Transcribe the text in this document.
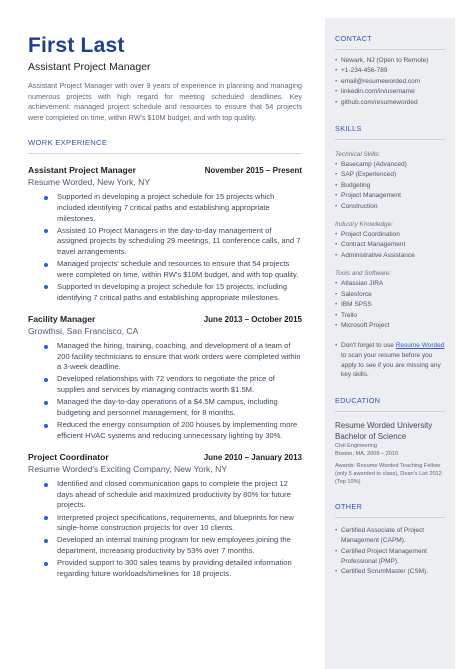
First Last
Assistant Project Manager
Assistant Project Manager with over 9 years of experience in planning and managing numerous projects with high regard for meeting scheduled deadlines. Key achievement: managed project schedule and resources to ensure that 54 projects were completed on time, within RW's $10M budget, and with top quality.
WORK EXPERIENCE
Assistant Project Manager	November 2015 – Present
Resume Worded, New York, NY
Supported in developing a project schedule for 15 projects which included identifying 7 critical paths and establishing appropriate milestones.
Assisted 10 Project Managers in the day-to-day management of assigned projects by scheduling 29 meetings, 11 conference calls, and 7 travel arrangements.
Managed projects' schedule and resources to ensure that 54 projects were completed on time, within RW's $10M budget, and with top quality.
Supported in developing a project schedule for 15 projects, including identifying 7 critical paths and establishing appropriate milestones.
Facility Manager	June 2013 – October 2015
Growthsi, San Francisco, CA
Managed the hiring, training, coaching, and development of a team of 200 facility technicians to ensure that work orders were completed within a 3-week deadline.
Developed relationships with 72 vendors to negotiate the price of supplies and services by managing contracts worth $1.5M.
Managed the day-to-day operations of a $4.5M campus, including budgeting and personnel management, for 8 months.
Reduced the energy consumption of 200 houses by implementing more efficient HVAC systems and reducing unnecessary lighting by 30%.
Project Coordinator	June 2010 – January 2013
Resume Worded's Exciting Company, New York, NY
Identified and closed communication gaps to complete the project 12 days ahead of schedule and maximized productivity by 80% for future projects.
Interpreted project specifications, requirements, and blueprints for new single-home construction projects for over 10 clients.
Developed an internal training program for new employees joining the department, increasing productivity by 53% over 7 months.
Provided support to 300 sales teams by providing detailed information regarding future workloads/timelines for 18 projects.
CONTACT
• Newark, NJ (Open to Remote)
• +1-234-456-789
• email@resumeworded.com
• linkedin.com/in/username
• github.com/resumeworded
SKILLS
Technical Skills:
• Basecamp (Advanced)
• SAP (Experienced)
• Budgeting
• Project Management
• Construction
Industry Knowledge:
• Project Coordination
• Contract Management
• Administrative Assistance
Tools and Software:
• Atlassian JIRA
• Salesforce
• IBM SPSS
• Trello
• Microsoft Project
• Don't forget to use Resume Worded to scan your resume before you apply to see if you are missing any key skills.
EDUCATION
Resume Worded University
Bachelor of Science
Civil Engineering
Boston, MA, 2009 – 2010
Awards: Resume Worded Teaching Fellow (only 5 awarded to class), Dean's List 2012 (Top 10%)
OTHER
• Certified Associate of Project Management (CAPM).
• Certified Project Management Professional (PMP).
• Certified ScrumMaster (CSM).
